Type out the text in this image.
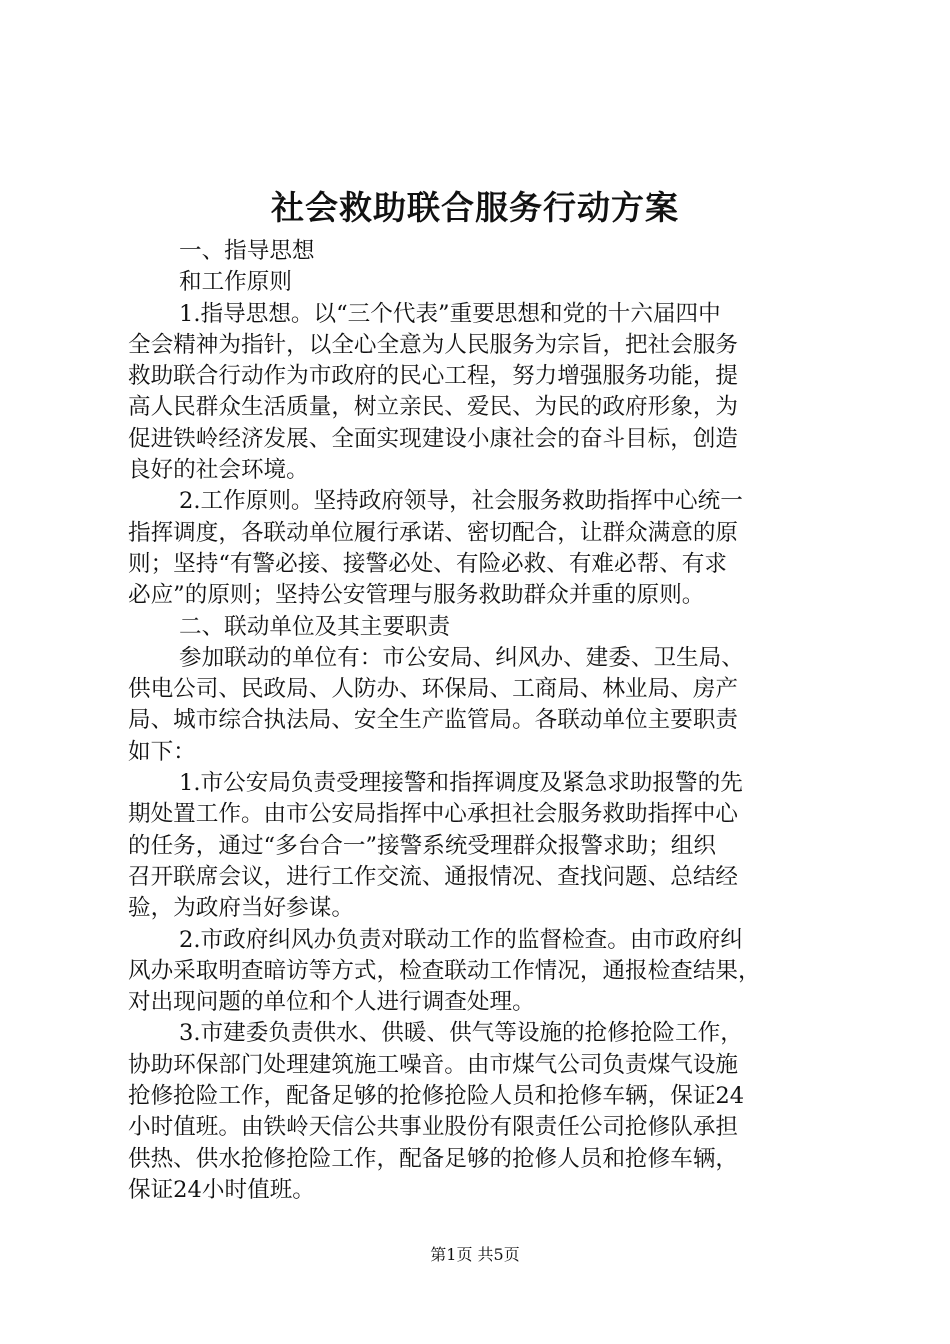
社会救助联合服务行动方案
一、指导思想
和工作原则
1.指导思想。以“三个代表”重要思想和党的十六届四中
全会精神为指针，以全心全意为人民服务为宗旨，把社会服务
救助联合行动作为市政府的民心工程，努力增强服务功能，提
高人民群众生活质量，树立亲民、爱民、为民的政府形象，为
促进铁岭经济发展、全面实现建设小康社会的奋斗目标，创造
良好的社会环境。
2.工作原则。坚持政府领导，社会服务救助指挥中心统一
指挥调度，各联动单位履行承诺、密切配合，让群众满意的原
则；坚持“有警必接、接警必处、有险必救、有难必帮、有求
必应”的原则；坚持公安管理与服务救助群众并重的原则。
二、联动单位及其主要职责
参加联动的单位有：市公安局、纠风办、建委、卫生局、
供电公司、民政局、人防办、环保局、工商局、林业局、房产
局、城市综合执法局、安全生产监管局。各联动单位主要职责
如下：
1.市公安局负责受理接警和指挥调度及紧急求助报警的先
期处置工作。由市公安局指挥中心承担社会服务救助指挥中心
的任务，通过“多台合一”接警系统受理群众报警求助；组织
召开联席会议，进行工作交流、通报情况、查找问题、总结经
验，为政府当好参谋。
2.市政府纠风办负责对联动工作的监督检查。由市政府纠
风办采取明查暗访等方式，检查联动工作情况，通报检查结果，
对出现问题的单位和个人进行调查处理。
3.市建委负责供水、供暖、供气等设施的抢修抢险工作，
协助环保部门处理建筑施工噪音。由市煤气公司负责煤气设施
抢修抢险工作，配备足够的抢修抢险人员和抢修车辆，保证24
小时值班。由铁岭天信公共事业股份有限责任公司抢修队承担
供热、供水抢修抢险工作，配备足够的抢修人员和抢修车辆，
保证24小时值班。
第1页 共5页
